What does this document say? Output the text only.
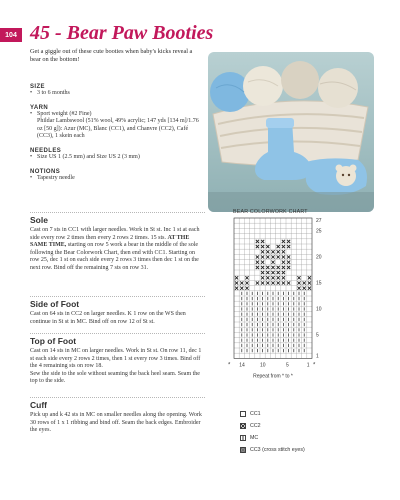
104 45 - Bear Paw Booties
Get a giggle out of these cute booties when baby's kicks reveal a bear on the bottom!
SIZE
• 3 to 6 months
YARN
• Sport weight (#2 Fine)
Phildar Lambswool (51% wool, 49% acrylic; 147 yds [134 m]/1.76 oz [50 g]): Azur (MC), Blanc (CC1), and Chanvre (CC2), Café (CC3), 1 skein each
NEEDLES
• Size US 1 (2.5 mm) and Size US 2 (3 mm)
NOTIONS
• Tapestry needle
Sole
Cast on 7 sts in CC1 with larger needles. Work in St st. Inc 1 st at each side every row 2 times then every 2 rows 2 times. 15 sts. AT THE SAME TIME, starting on row 5 work a bear in the middle of the sole following the Bear Colorwork Chart, then end with CC1. Starting on row 25, dec 1 st on each side every 2 rows 3 times then dec 1 st on the next row. Bind off the remaining 7 sts on row 31.
Side of Foot
Cast on 64 sts in CC2 on larger needles. K 1 row on the WS then continue in St st in MC. Bind off on row 12 of St st.
Top of Foot
Cast on 14 sts in MC on larger needles. Work in St st. On row 11, dec 1 st each side every 2 rows 2 times, then 1 st every row 3 times. Bind off the 4 remaining sts on row 18.
Sew the side to the sole without seaming the back heel seam. Seam the top to the side.
Cuff
Pick up and k 42 sts in MC on smaller needles along the opening. Work 30 rows of 1 x 1 ribbing and bind off. Seam the back edges. Embroider the eyes.
BEAR COLORWORK CHART
27
25
20
15
10
5
1
14	10	5	1
*	*
Repeat from * to *
CC1
CC2
MC
CC3 (cross stitch eyes)
